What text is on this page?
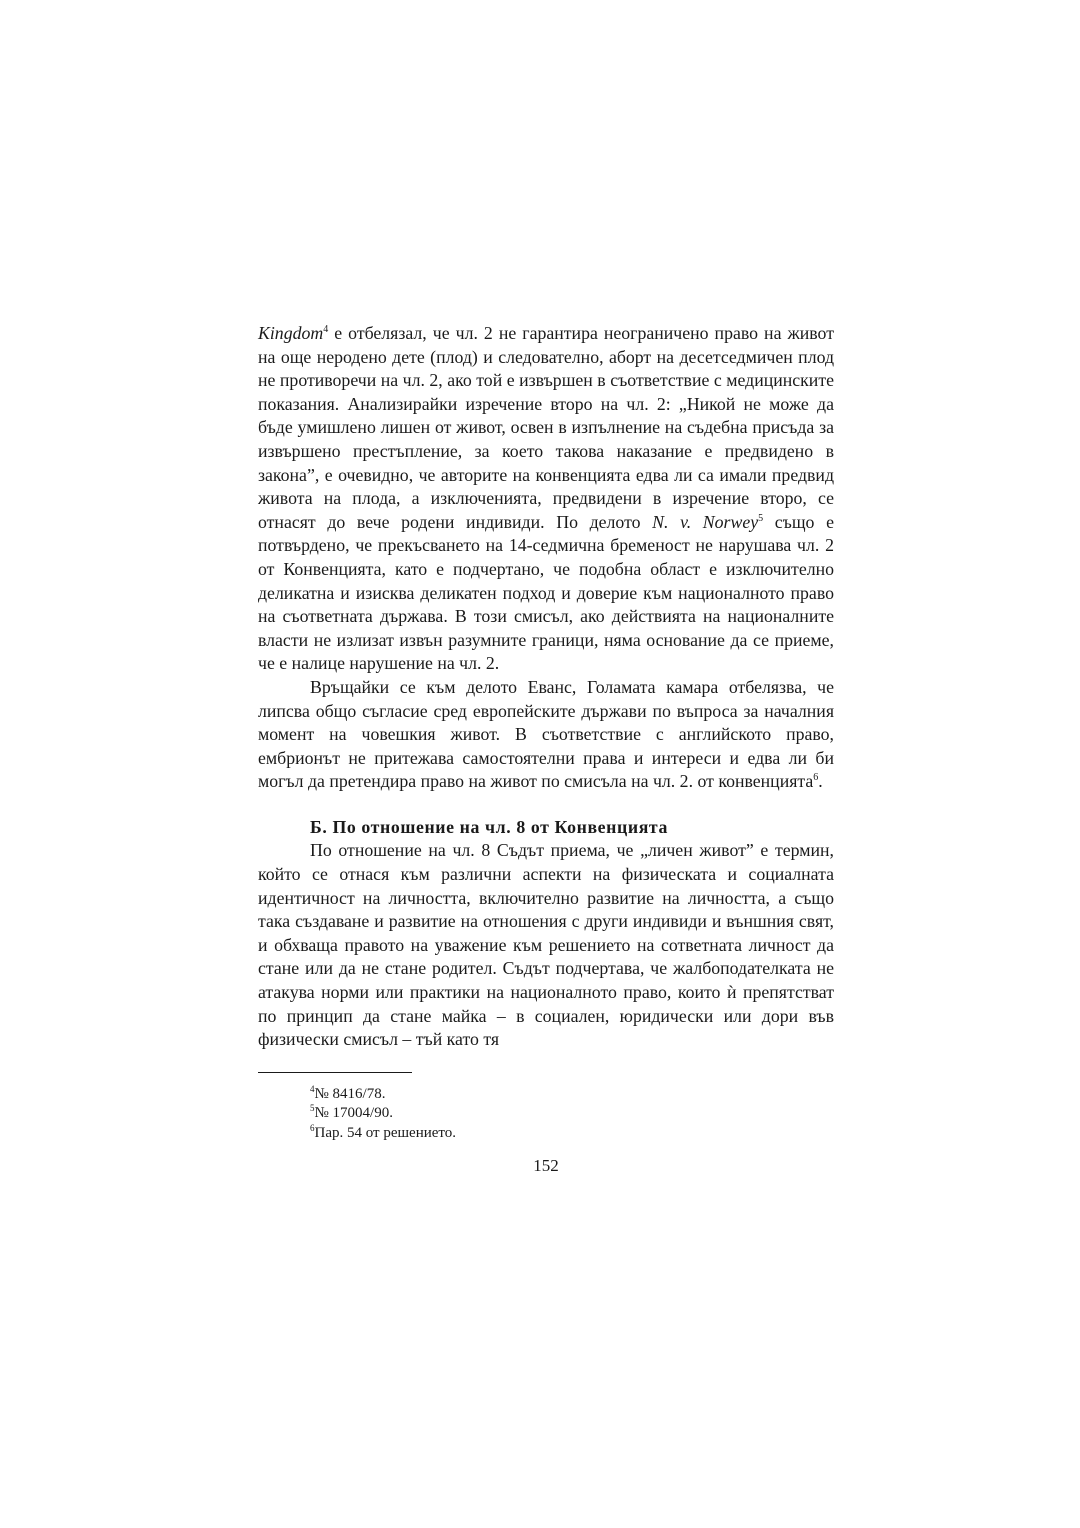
Kingdom$^4$ е отбелязал, че чл. 2 не гарантира неограничено право на живот на още неродено дете (плод) и следователно, аборт на десетседмичен плод не противоречи на чл. 2, ако той е извършен в съответствие с медицинските показания. Анализирайки изречение второ на чл. 2: „Никой не може да бъде умишлено лишен от живот, освен в изпълнение на съдебна присъда за извършено престъпление, за което такова наказание е предвидено в закона”, е очевидно, че авторите на конвенцията едва ли са имали предвид живота на плода, а изключенията, предвидени в изречение второ, се отнасят до вече родени индивиди. По делото N. v. Norwey$^5$ също е потвърдено, че прекъсването на 14-седмична бременост не нарушава чл. 2 от Конвенцията, като е подчертано, че подобна област е изключително деликатна и изисква деликатен подход и доверие към националното право на съответната държава. В този смисъл, ако действията на националните власти не излизат извън разумните граници, няма основание да се приеме, че е налице нарушение на чл. 2.

Връщайки се към делото Еванс, Голамата камара отбелязва, че липсва общо съгласие сред европейските държави по въпроса за началния момент на човешкия живот. В съответствие с английското право, ембрионът не притежава самостоятелни права и интереси и едва ли би могъл да претендира право на живот по смисъла на чл. 2. от конвенцията$^6$.

Б. По отношение на чл. 8 от Конвенцията

По отношение на чл. 8 Съдът приема, че „личен живот” е термин, който се отнася към различни аспекти на физическата и социалната идентичност на личността, включително развитие на личността, а също така създаване и развитие на отношения с други индивиди и външния свят, и обхваща правото на уважение към решението на сответната личност да стане или да не стане родител. Съдът подчертава, че жалбоподателката не атакува норми или практики на националното право, които ѝ препятстват по принцип да стане майка – в социален, юридически или дори във физически смисъл – тъй като тя

$^4$№ 8416/78.

$^5$№ 17004/90.

$^6$Пар. 54 от решението.

152
